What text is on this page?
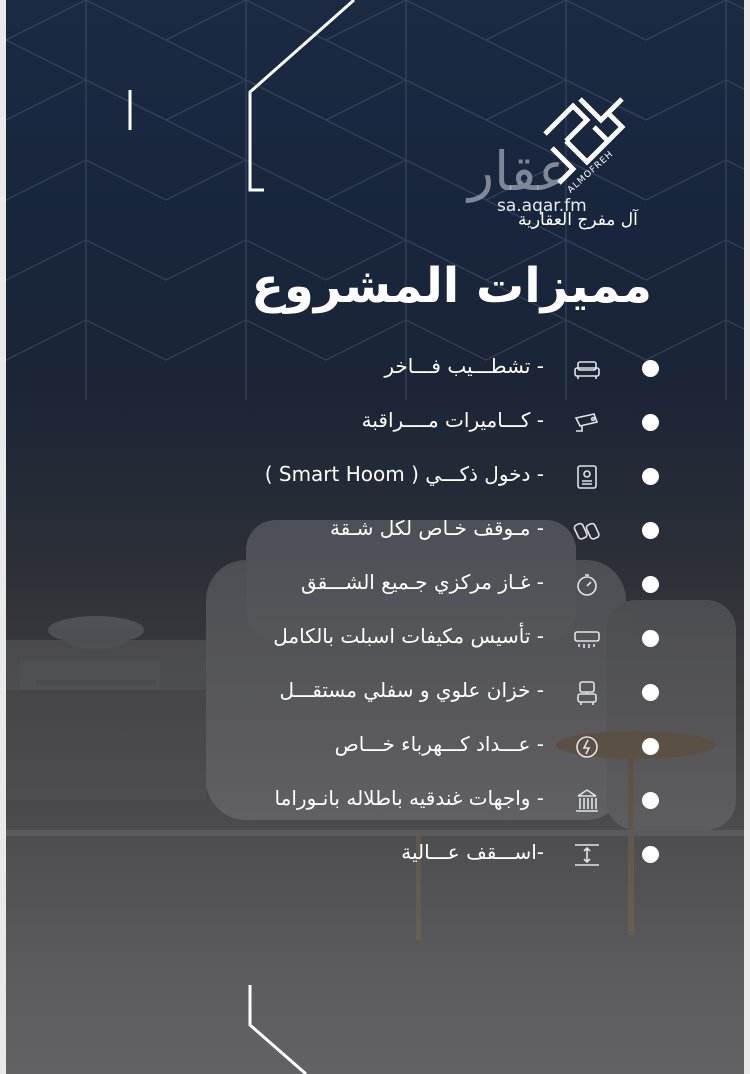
عقار
sa.aqar.fm
ALMOFREH
آل مفرج العقارية
مميزات المشروع
- تشطـــيب فـــاخر
- كـــاميرات مــــراقبة
- دخول ذكـــي ( Smart Hoom )
- مـوقف خـاص لكل شـقة
- غـاز مركزي جـميع الشـــقق
- تأسيس مكيفات اسبلت بالكامل
- خزان علوي و سفلي مستقـــل
- عـــداد كـــهرباء خـــاص
- واجهات غندقيه باطلاله بانـوراما
-اســـقف عـــالية
